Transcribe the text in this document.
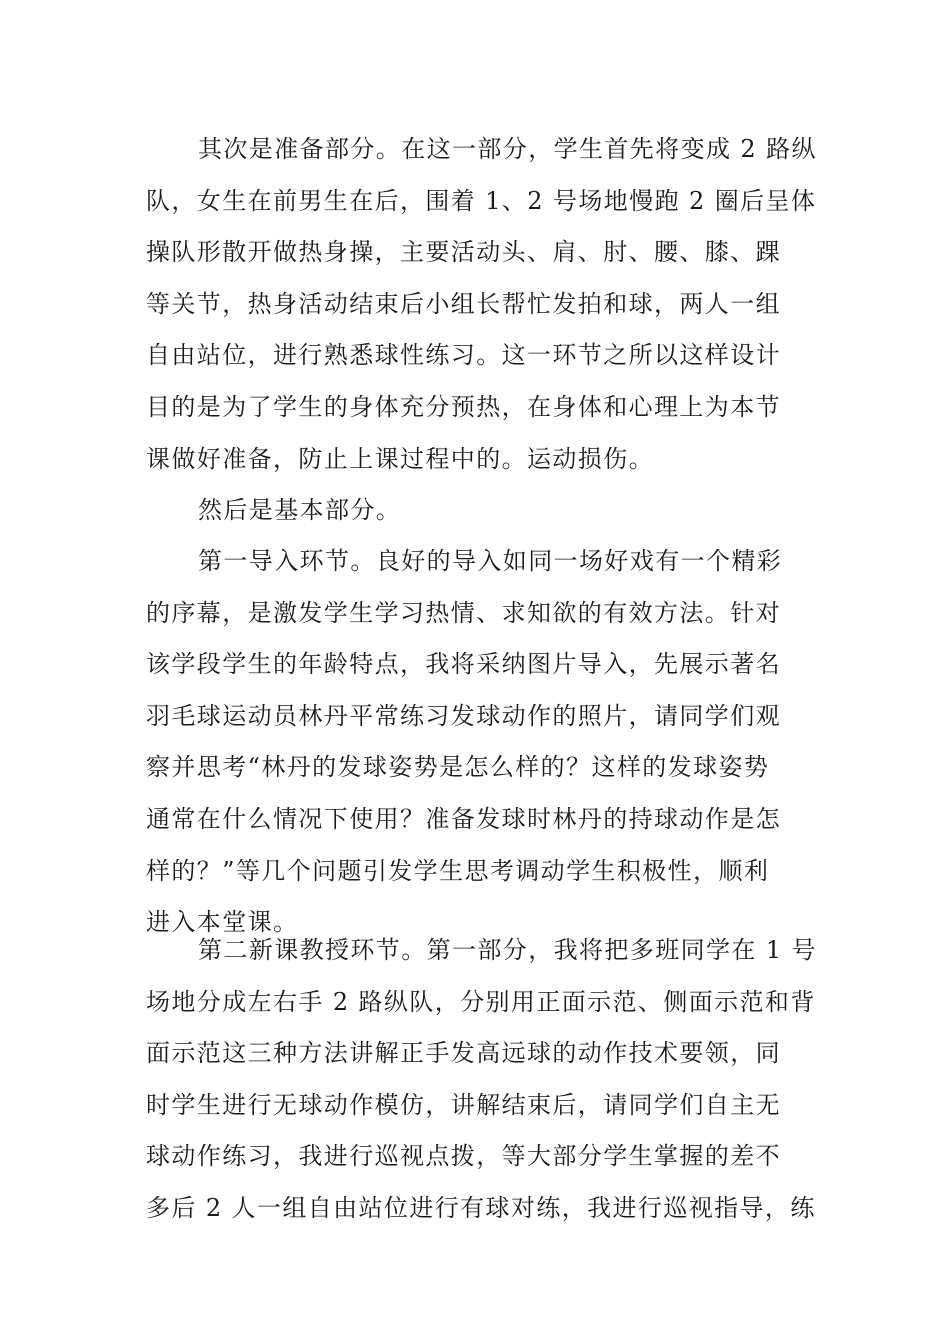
其次是准备部分。在这一部分，学生首先将变成 2 路纵
队，女生在前男生在后，围着 1、2 号场地慢跑 2 圈后呈体
操队形散开做热身操，主要活动头、肩、肘、腰、膝、踝
等关节，热身活动结束后小组长帮忙发拍和球，两人一组
自由站位，进行熟悉球性练习。这一环节之所以这样设计
目的是为了学生的身体充分预热，在身体和心理上为本节
课做好准备，防止上课过程中的。运动损伤。
然后是基本部分。
第一导入环节。良好的导入如同一场好戏有一个精彩
的序幕，是激发学生学习热情、求知欲的有效方法。针对
该学段学生的年龄特点，我将采纳图片导入，先展示著名
羽毛球运动员林丹平常练习发球动作的照片，请同学们观
察并思考“林丹的发球姿势是怎么样的？这样的发球姿势
通常在什么情况下使用？准备发球时林丹的持球动作是怎
样的？”等几个问题引发学生思考调动学生积极性，顺利
进入本堂课。
第二新课教授环节。第一部分，我将把多班同学在 1 号
场地分成左右手 2 路纵队，分别用正面示范、侧面示范和背
面示范这三种方法讲解正手发高远球的动作技术要领，同
时学生进行无球动作模仿，讲解结束后，请同学们自主无
球动作练习，我进行巡视点拨，等大部分学生掌握的差不
多后 2 人一组自由站位进行有球对练，我进行巡视指导，练
